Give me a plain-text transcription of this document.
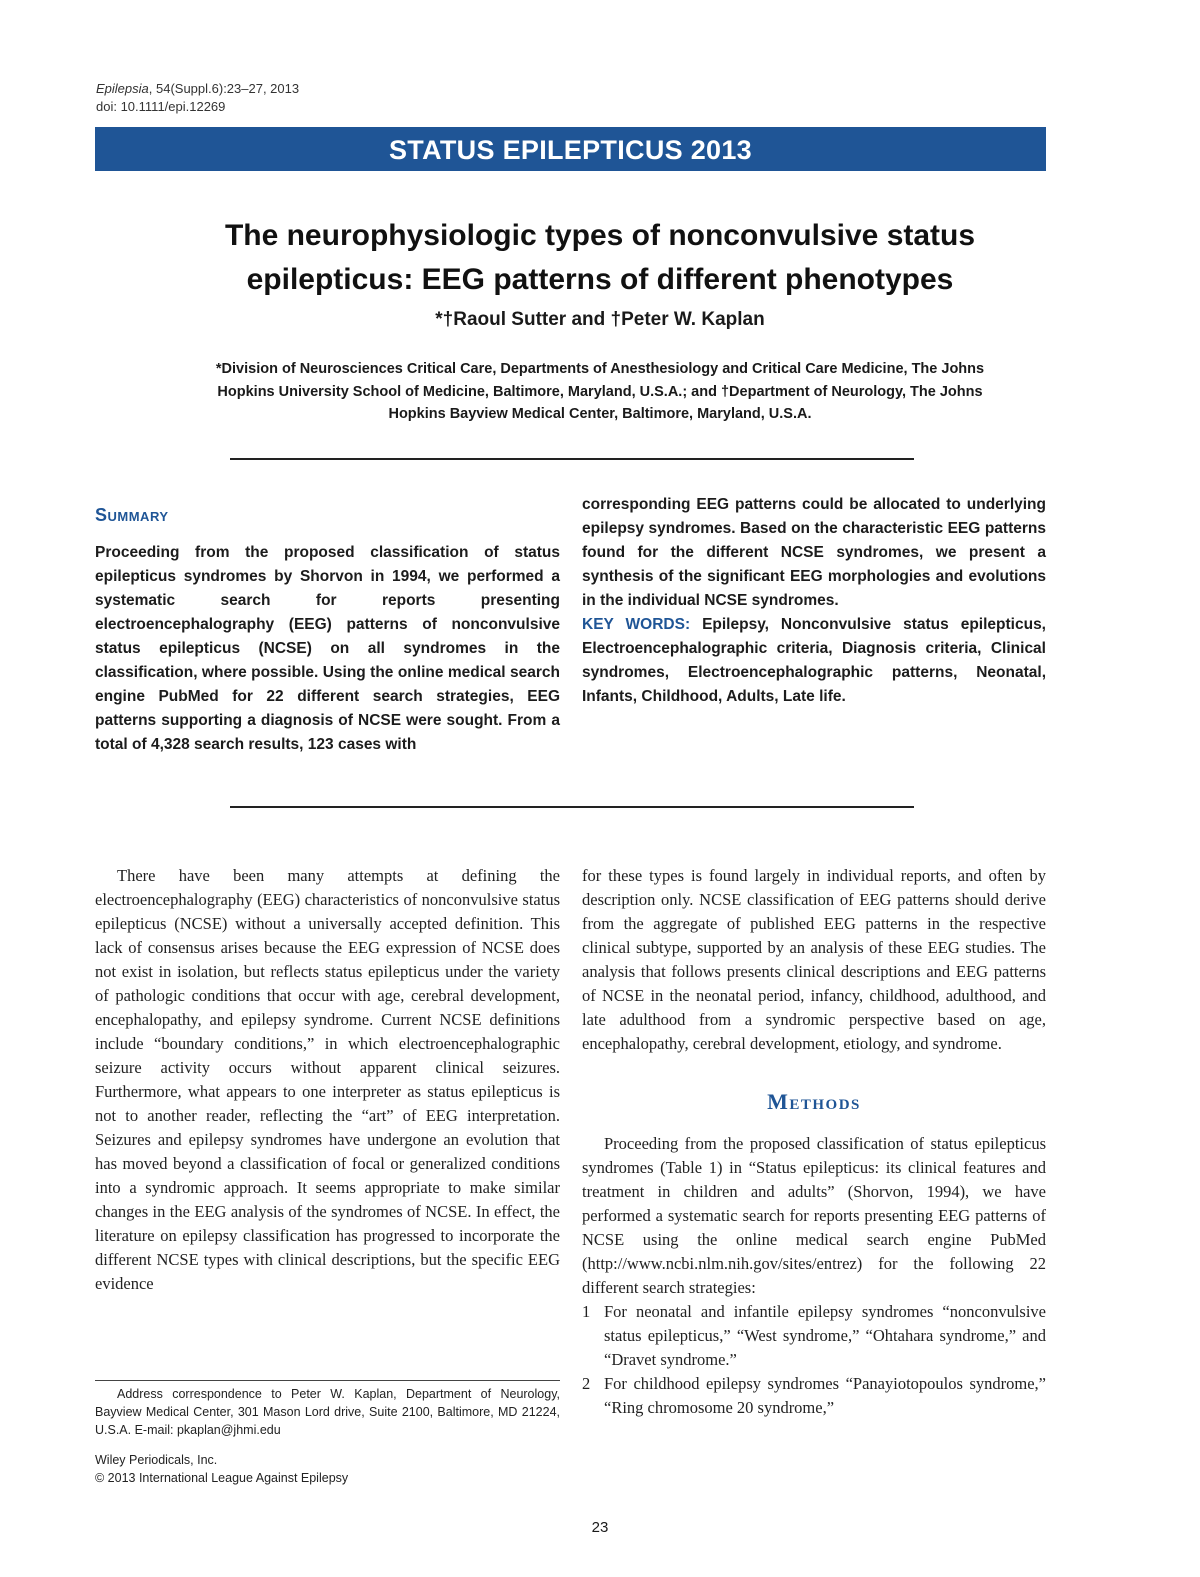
Epilepsia, 54(Suppl.6):23–27, 2013
doi: 10.1111/epi.12269
STATUS EPILEPTICUS 2013
The neurophysiologic types of nonconvulsive status
epilepticus: EEG patterns of different phenotypes
*†Raoul Sutter and †Peter W. Kaplan
*Division of Neurosciences Critical Care, Departments of Anesthesiology and Critical Care Medicine, The Johns
Hopkins University School of Medicine, Baltimore, Maryland, U.S.A.; and †Department of Neurology, The Johns
Hopkins Bayview Medical Center, Baltimore, Maryland, U.S.A.
Summary

Proceeding from the proposed classification of status epilepticus syndromes by Shorvon in 1994, we performed a systematic search for reports presenting electroencephalography (EEG) patterns of nonconvulsive status epilepticus (NCSE) on all syndromes in the classification, where possible. Using the online medical search engine PubMed for 22 different search strategies, EEG patterns supporting a diagnosis of NCSE were sought. From a total of 4,328 search results, 123 cases with

corresponding EEG patterns could be allocated to underlying epilepsy syndromes. Based on the characteristic EEG patterns found for the different NCSE syndromes, we present a synthesis of the significant EEG morphologies and evolutions in the individual NCSE syndromes.

KEY WORDS: Epilepsy, Nonconvulsive status epilepticus, Electroencephalographic criteria, Diagnosis criteria, Clinical syndromes, Electroencephalographic patterns, Neonatal, Infants, Childhood, Adults, Late life.

There have been many attempts at defining the electroencephalography (EEG) characteristics of nonconvulsive status epilepticus (NCSE) without a universally accepted definition. This lack of consensus arises because the EEG expression of NCSE does not exist in isolation, but reflects status epilepticus under the variety of pathologic conditions that occur with age, cerebral development, encephalopathy, and epilepsy syndrome. Current NCSE definitions include “boundary conditions,” in which electroencephalographic seizure activity occurs without apparent clinical seizures. Furthermore, what appears to one interpreter as status epilepticus is not to another reader, reflecting the “art” of EEG interpretation. Seizures and epilepsy syndromes have undergone an evolution that has moved beyond a classification of focal or generalized conditions into a syndromic approach. It seems appropriate to make similar changes in the EEG analysis of the syndromes of NCSE. In effect, the literature on epilepsy classification has progressed to incorporate the different NCSE types with clinical descriptions, but the specific EEG evidence

for these types is found largely in individual reports, and often by description only. NCSE classification of EEG patterns should derive from the aggregate of published EEG patterns in the respective clinical subtype, supported by an analysis of these EEG studies. The analysis that follows presents clinical descriptions and EEG patterns of NCSE in the neonatal period, infancy, childhood, adulthood, and late adulthood from a syndromic perspective based on age, encephalopathy, cerebral development, etiology, and syndrome.

Methods

Proceeding from the proposed classification of status epilepticus syndromes (Table 1) in “Status epilepticus: its clinical features and treatment in children and adults” (Shorvon, 1994), we have performed a systematic search for reports presenting EEG patterns of NCSE using the online medical search engine PubMed (http://www.ncbi.nlm.nih.gov/sites/entrez) for the following 22 different search strategies:

1 For neonatal and infantile epilepsy syndromes “nonconvulsive status epilepticus,” “West syndrome,” “Ohtahara syndrome,” and “Dravet syndrome.”
2 For childhood epilepsy syndromes “Panayiotopoulos syndrome,” “Ring chromosome 20 syndrome,”
Address correspondence to Peter W. Kaplan, Department of Neurology, Bayview Medical Center, 301 Mason Lord drive, Suite 2100, Baltimore, MD 21224, U.S.A. E-mail: pkaplan@jhmi.edu
Wiley Periodicals, Inc.
© 2013 International League Against Epilepsy
23
